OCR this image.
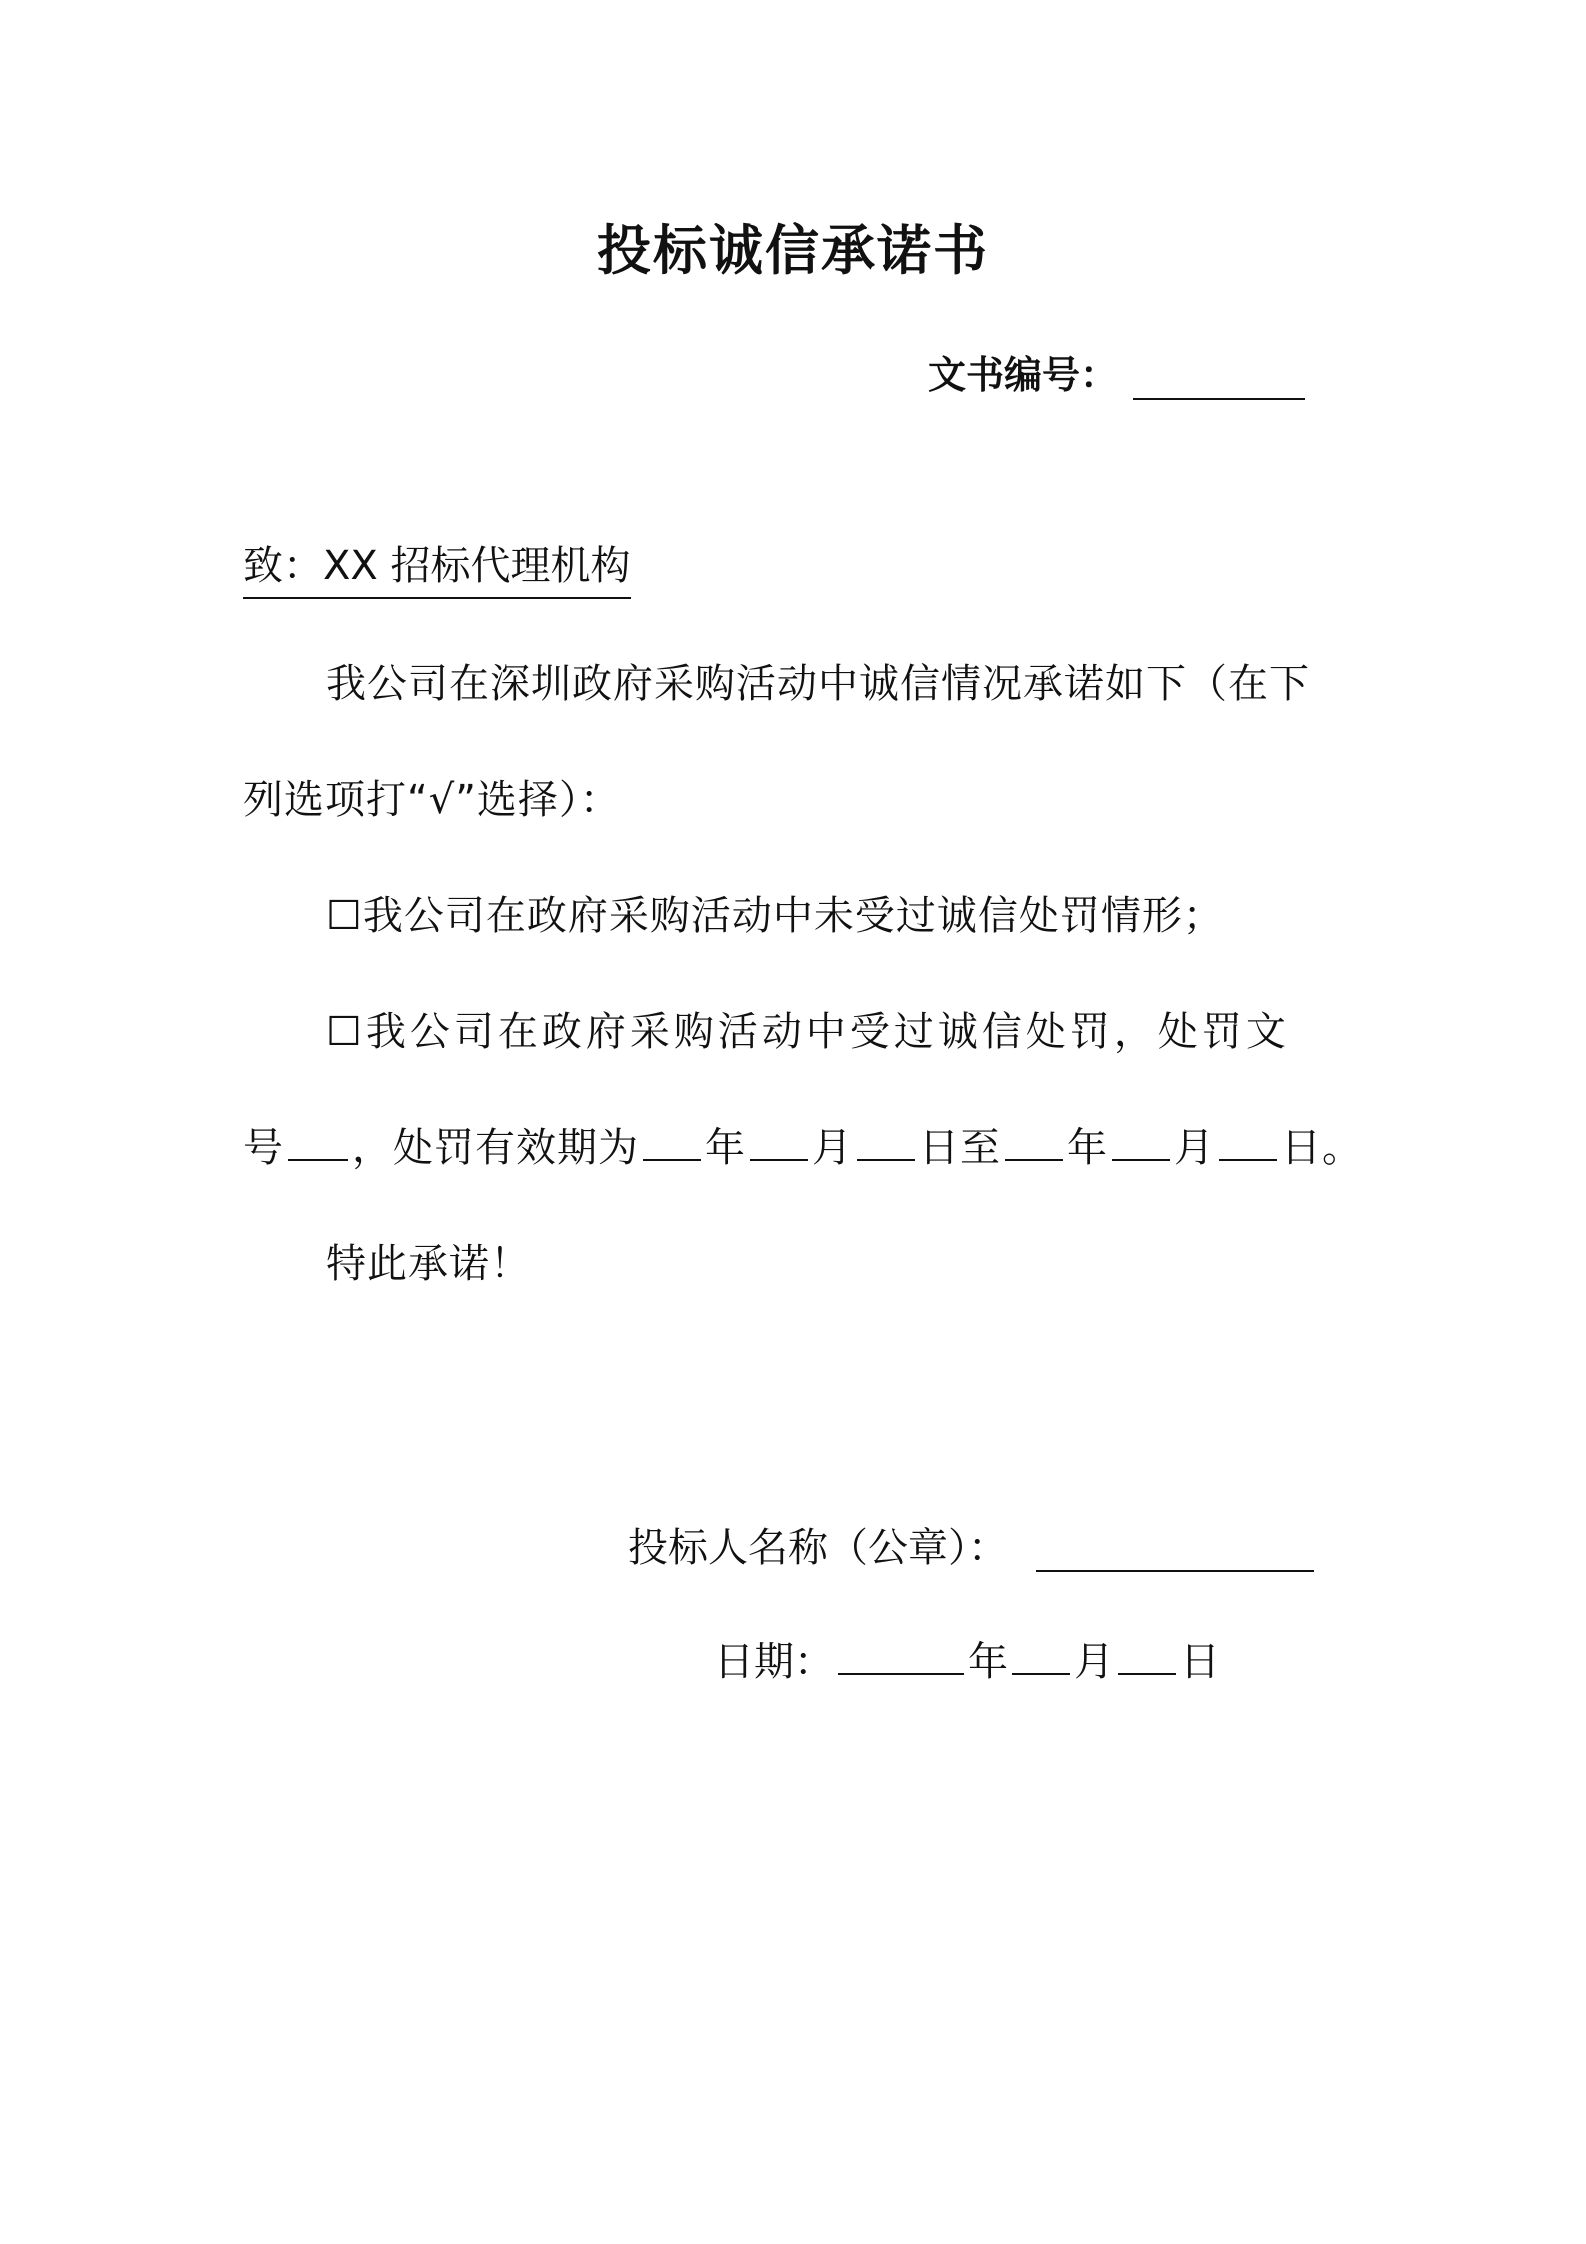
投标诚信承诺书
文书编号：
致：XX 招标代理机构
我公司在深圳政府采购活动中诚信情况承诺如下（在下
列选项打“√”选择）：
☐我公司在政府采购活动中未受过诚信处罚情形；
☐我公司在政府采购活动中受过诚信处罚，处罚文
号 ，处罚有效期为 年 月 日至 年 月 日。
特此承诺！
投标人名称（公章）：
日期：	年 月 日
